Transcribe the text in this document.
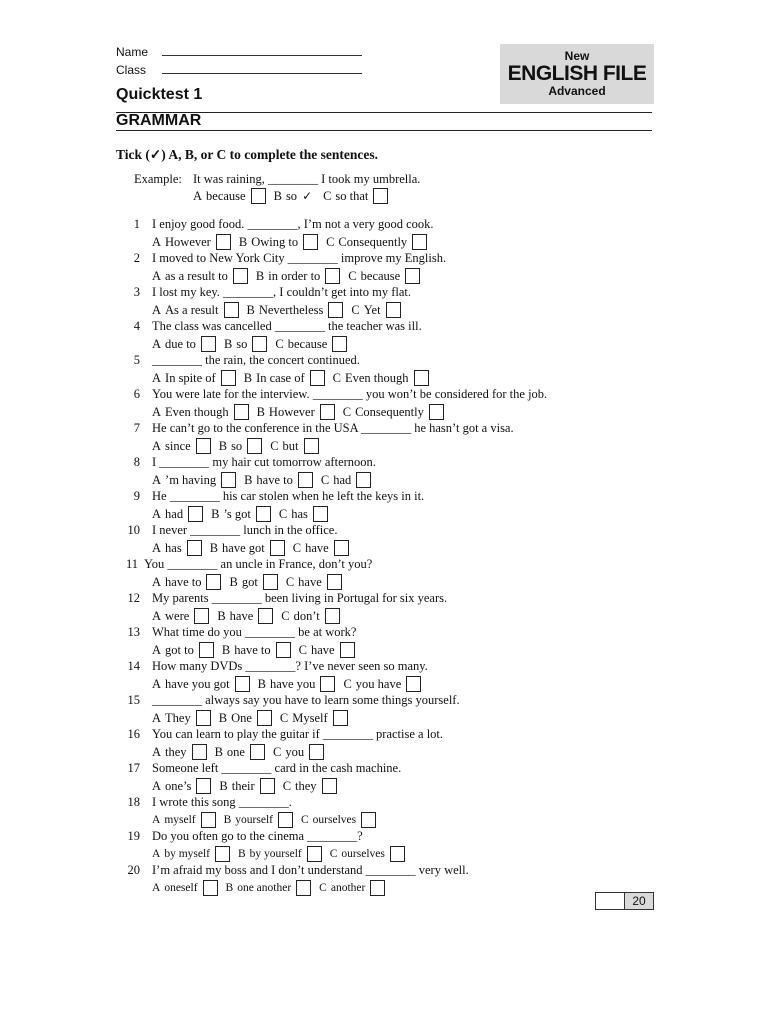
Name
Class
New
ENGLISH FILE
Advanced
Quicktest 1
GRAMMAR
Tick (✓) A, B, or C to complete the sentences.
Example: It was raining, ________ I took my umbrella.
A because B so ✓ C so that
1 I enjoy good food. ________, I’m not a very good cook.
A However B Owing to C Consequently
2 I moved to New York City ________ improve my English.
A as a result to B in order to C because
3 I lost my key. ________, I couldn’t get into my flat.
A As a result B Nevertheless C Yet
4 The class was cancelled ________ the teacher was ill.
A due to B so C because
5 ________ the rain, the concert continued.
A In spite of B In case of C Even though
6 You were late for the interview. ________ you won’t be considered for the job.
A Even though B However C Consequently
7 He can’t go to the conference in the USA ________ he hasn’t got a visa.
A since B so C but
8 I ________ my hair cut tomorrow afternoon.
A ’m having B have to C had
9 He ________ his car stolen when he left the keys in it.
A had B ’s got C has
10 I never ________ lunch in the office.
A has B have got C have
11 You ________ an uncle in France, don’t you?
A have to B got C have
12 My parents ________ been living in Portugal for six years.
A were B have C don’t
13 What time do you ________ be at work?
A got to B have to C have
14 How many DVDs ________? I’ve never seen so many.
A have you got B have you C you have
15 ________ always say you have to learn some things yourself.
A They B One C Myself
16 You can learn to play the guitar if ________ practise a lot.
A they B one C you
17 Someone left ________ card in the cash machine.
A one’s B their C they
18 I wrote this song ________.
A myself B yourself C ourselves
19 Do you often go to the cinema ________?
A by myself B by yourself C ourselves
20 I’m afraid my boss and I don’t understand ________ very well.
A oneself B one another C another
20
